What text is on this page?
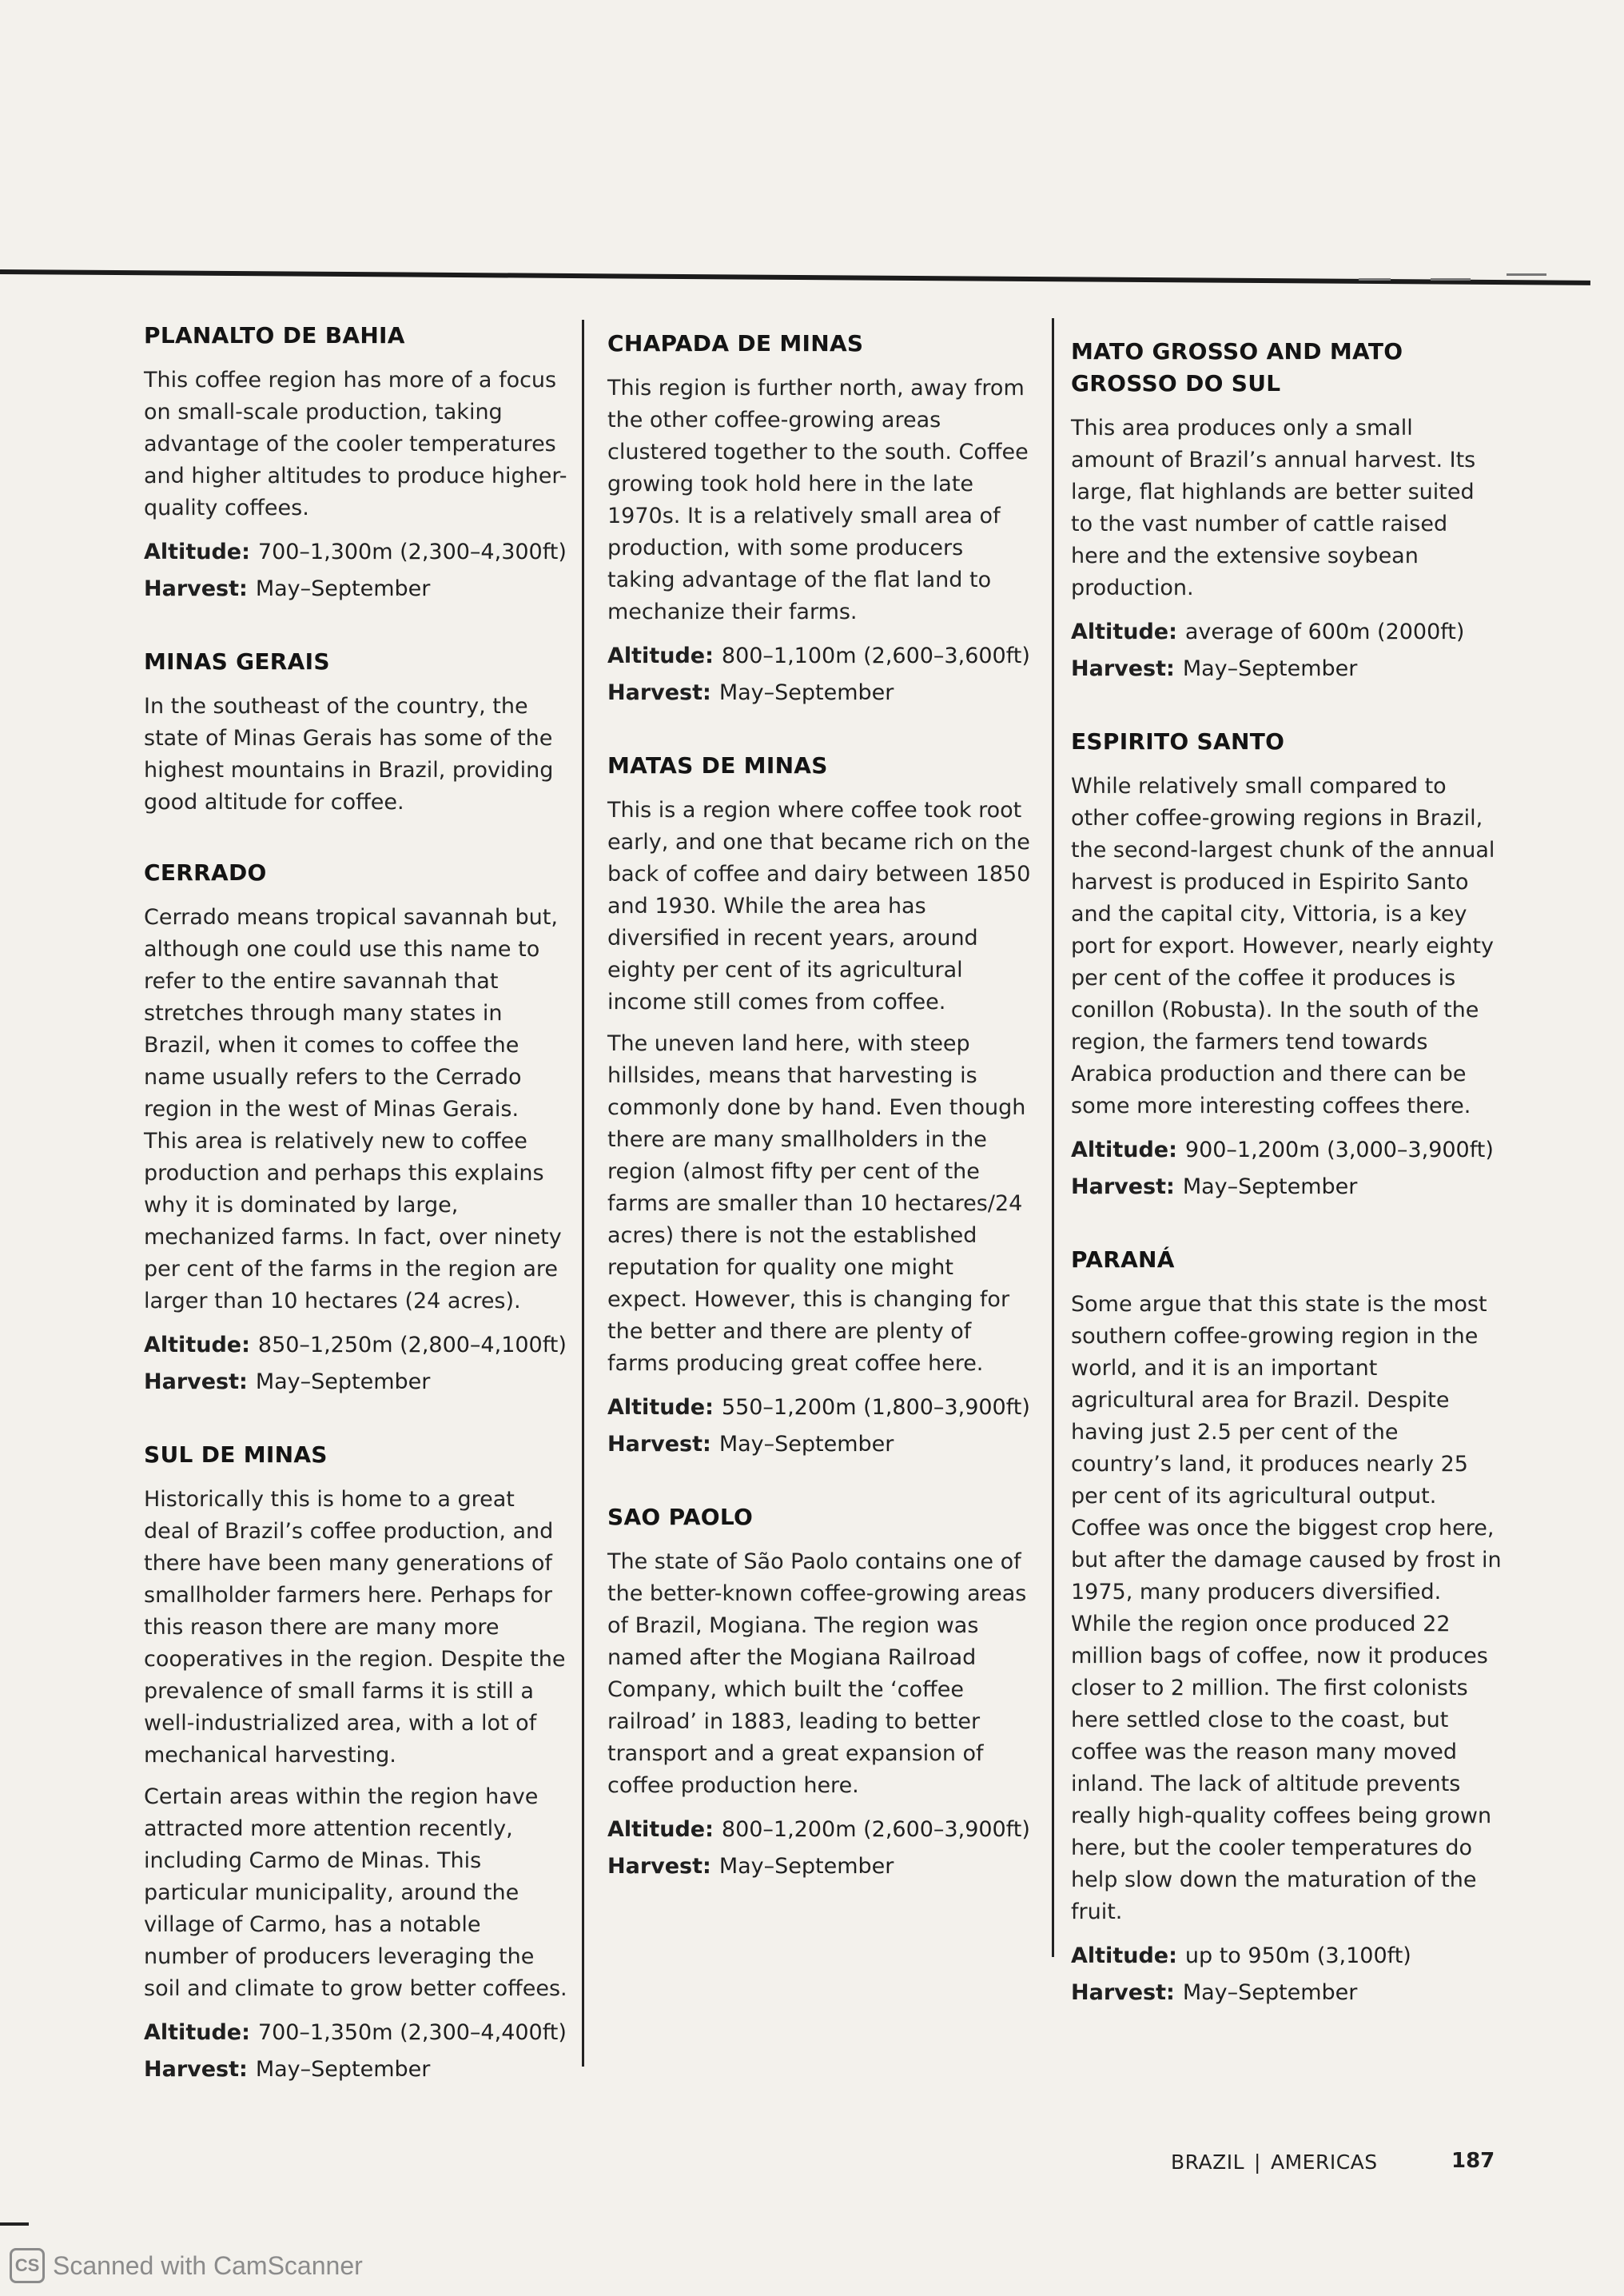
PLANALTO DE BAHIA

This coffee region has more of a focus on small-scale production, taking advantage of the cooler temperatures and higher altitudes to produce higher-quality coffees.

Altitude: 700–1,300m (2,300–4,300ft)
Harvest: May–September
MINAS GERAIS

In the southeast of the country, the state of Minas Gerais has some of the highest mountains in Brazil, providing good altitude for coffee.

CERRADO

Cerrado means tropical savannah but, although one could use this name to refer to the entire savannah that stretches through many states in Brazil, when it comes to coffee the name usually refers to the Cerrado region in the west of Minas Gerais. This area is relatively new to coffee production and perhaps this explains why it is dominated by large, mechanized farms. In fact, over ninety per cent of the farms in the region are larger than 10 hectares (24 acres).

Altitude: 850–1,250m (2,800–4,100ft)
Harvest: May–September
SUL DE MINAS

Historically this is home to a great deal of Brazil’s coffee production, and there have been many generations of smallholder farmers here. Perhaps for this reason there are many more cooperatives in the region. Despite the prevalence of small farms it is still a well-industrialized area, with a lot of mechanical harvesting.

Certain areas within the region have attracted more attention recently, including Carmo de Minas. This particular municipality, around the village of Carmo, has a notable number of producers leveraging the soil and climate to grow better coffees.

Altitude: 700–1,350m (2,300–4,400ft)
Harvest: May–September
CHAPADA DE MINAS

This region is further north, away from the other coffee-growing areas clustered together to the south. Coffee growing took hold here in the late 1970s. It is a relatively small area of production, with some producers taking advantage of the flat land to mechanize their farms.

Altitude: 800–1,100m (2,600–3,600ft)
Harvest: May–September
MATAS DE MINAS

This is a region where coffee took root early, and one that became rich on the back of coffee and dairy between 1850 and 1930. While the area has diversified in recent years, around eighty per cent of its agricultural income still comes from coffee.

The uneven land here, with steep hillsides, means that harvesting is commonly done by hand. Even though there are many smallholders in the region (almost fifty per cent of the farms are smaller than 10 hectares/24 acres) there is not the established reputation for quality one might expect. However, this is changing for the better and there are plenty of farms producing great coffee here.

Altitude: 550–1,200m (1,800–3,900ft)
Harvest: May–September
SAO PAOLO

The state of São Paolo contains one of the better-known coffee-growing areas of Brazil, Mogiana. The region was named after the Mogiana Railroad Company, which built the ‘coffee railroad’ in 1883, leading to better transport and a great expansion of coffee production here.

Altitude: 800–1,200m (2,600–3,900ft)
Harvest: May–September
MATO GROSSO AND MATO GROSSO DO SUL

This area produces only a small amount of Brazil’s annual harvest. Its large, flat highlands are better suited to the vast number of cattle raised here and the extensive soybean production.

Altitude: average of 600m (2000ft)
Harvest: May–September
ESPIRITO SANTO

While relatively small compared to other coffee-growing regions in Brazil, the second-largest chunk of the annual harvest is produced in Espirito Santo and the capital city, Vittoria, is a key port for export. However, nearly eighty per cent of the coffee it produces is conillon (Robusta). In the south of the region, the farmers tend towards Arabica production and there can be some more interesting coffees there.

Altitude: 900–1,200m (3,000–3,900ft)
Harvest: May–September
PARANÁ

Some argue that this state is the most southern coffee-growing region in the world, and it is an important agricultural area for Brazil. Despite having just 2.5 per cent of the country’s land, it produces nearly 25 per cent of its agricultural output. Coffee was once the biggest crop here, but after the damage caused by frost in 1975, many producers diversified. While the region once produced 22 million bags of coffee, now it produces closer to 2 million. The first colonists here settled close to the coast, but coffee was the reason many moved inland. The lack of altitude prevents really high-quality coffees being grown here, but the cooler temperatures do help slow down the maturation of the fruit.

Altitude: up to 950m (3,100ft)
Harvest: May–September
BRAZIL | AMERICAS	187
CS Scanned with CamScanner
